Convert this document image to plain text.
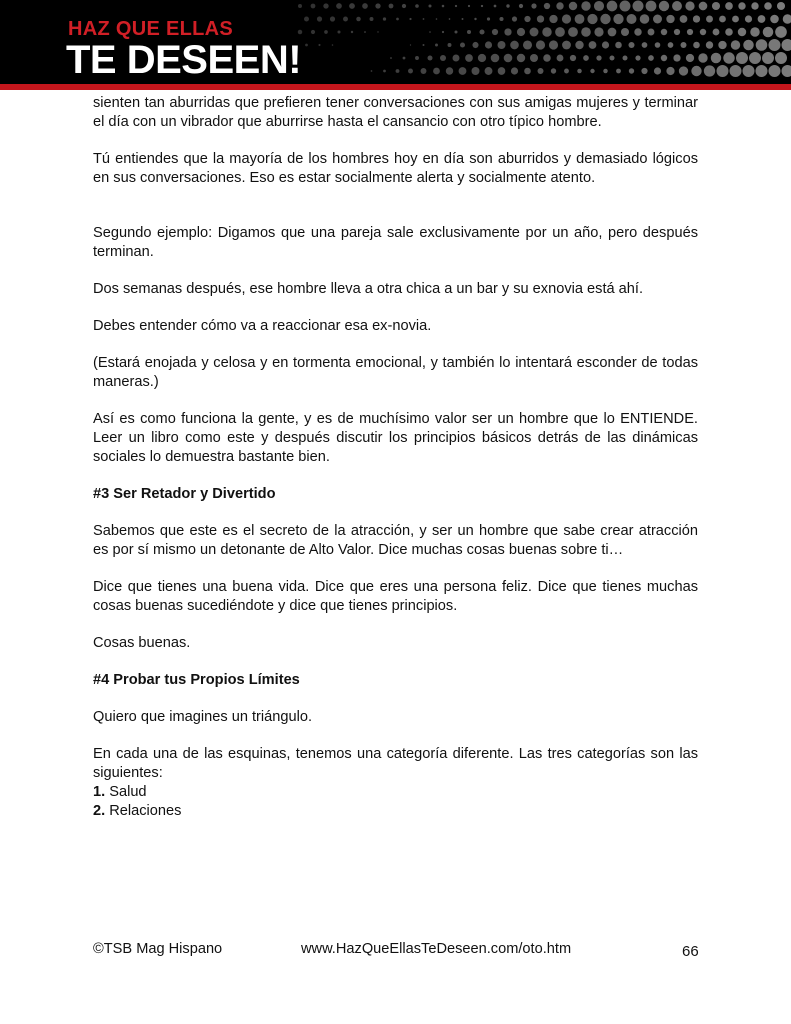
HAZ QUE ELLAS
TE DESEEN!

sienten tan aburridas que prefieren tener conversaciones con sus amigas mujeres y terminar el día con un vibrador que aburrirse hasta el cansancio con otro típico hombre.

Tú entiendes que la mayoría de los hombres hoy en día son aburridos y demasiado lógicos en sus conversaciones. Eso es estar socialmente alerta y socialmente atento.

Segundo ejemplo: Digamos que una pareja sale exclusivamente por un año, pero después terminan.

Dos semanas después, ese hombre lleva a otra chica a un bar y su exnovia está ahí.

Debes entender cómo va a reaccionar esa ex-novia.

(Estará enojada y celosa y en tormenta emocional, y también lo intentará esconder de todas maneras.)

Así es como funciona la gente, y es de muchísimo valor ser un hombre que lo ENTIENDE. Leer un libro como este y después discutir los principios básicos detrás de las dinámicas sociales lo demuestra bastante bien.

#3 Ser Retador y Divertido

Sabemos que este es el secreto de la atracción, y ser un hombre que sabe crear atracción es por sí mismo un detonante de Alto Valor. Dice muchas cosas buenas sobre ti…

Dice que tienes una buena vida. Dice que eres una persona feliz. Dice que tienes muchas cosas buenas sucediéndote y dice que tienes principios.

Cosas buenas.

#4 Probar tus Propios Límites

Quiero que imagines un triángulo.

En cada una de las esquinas, tenemos una categoría diferente. Las tres categorías son las siguientes:

1. Salud
2. Relaciones
©TSB Mag Hispano	www.HazQueEllasTeDeseen.com/oto.htm	66
